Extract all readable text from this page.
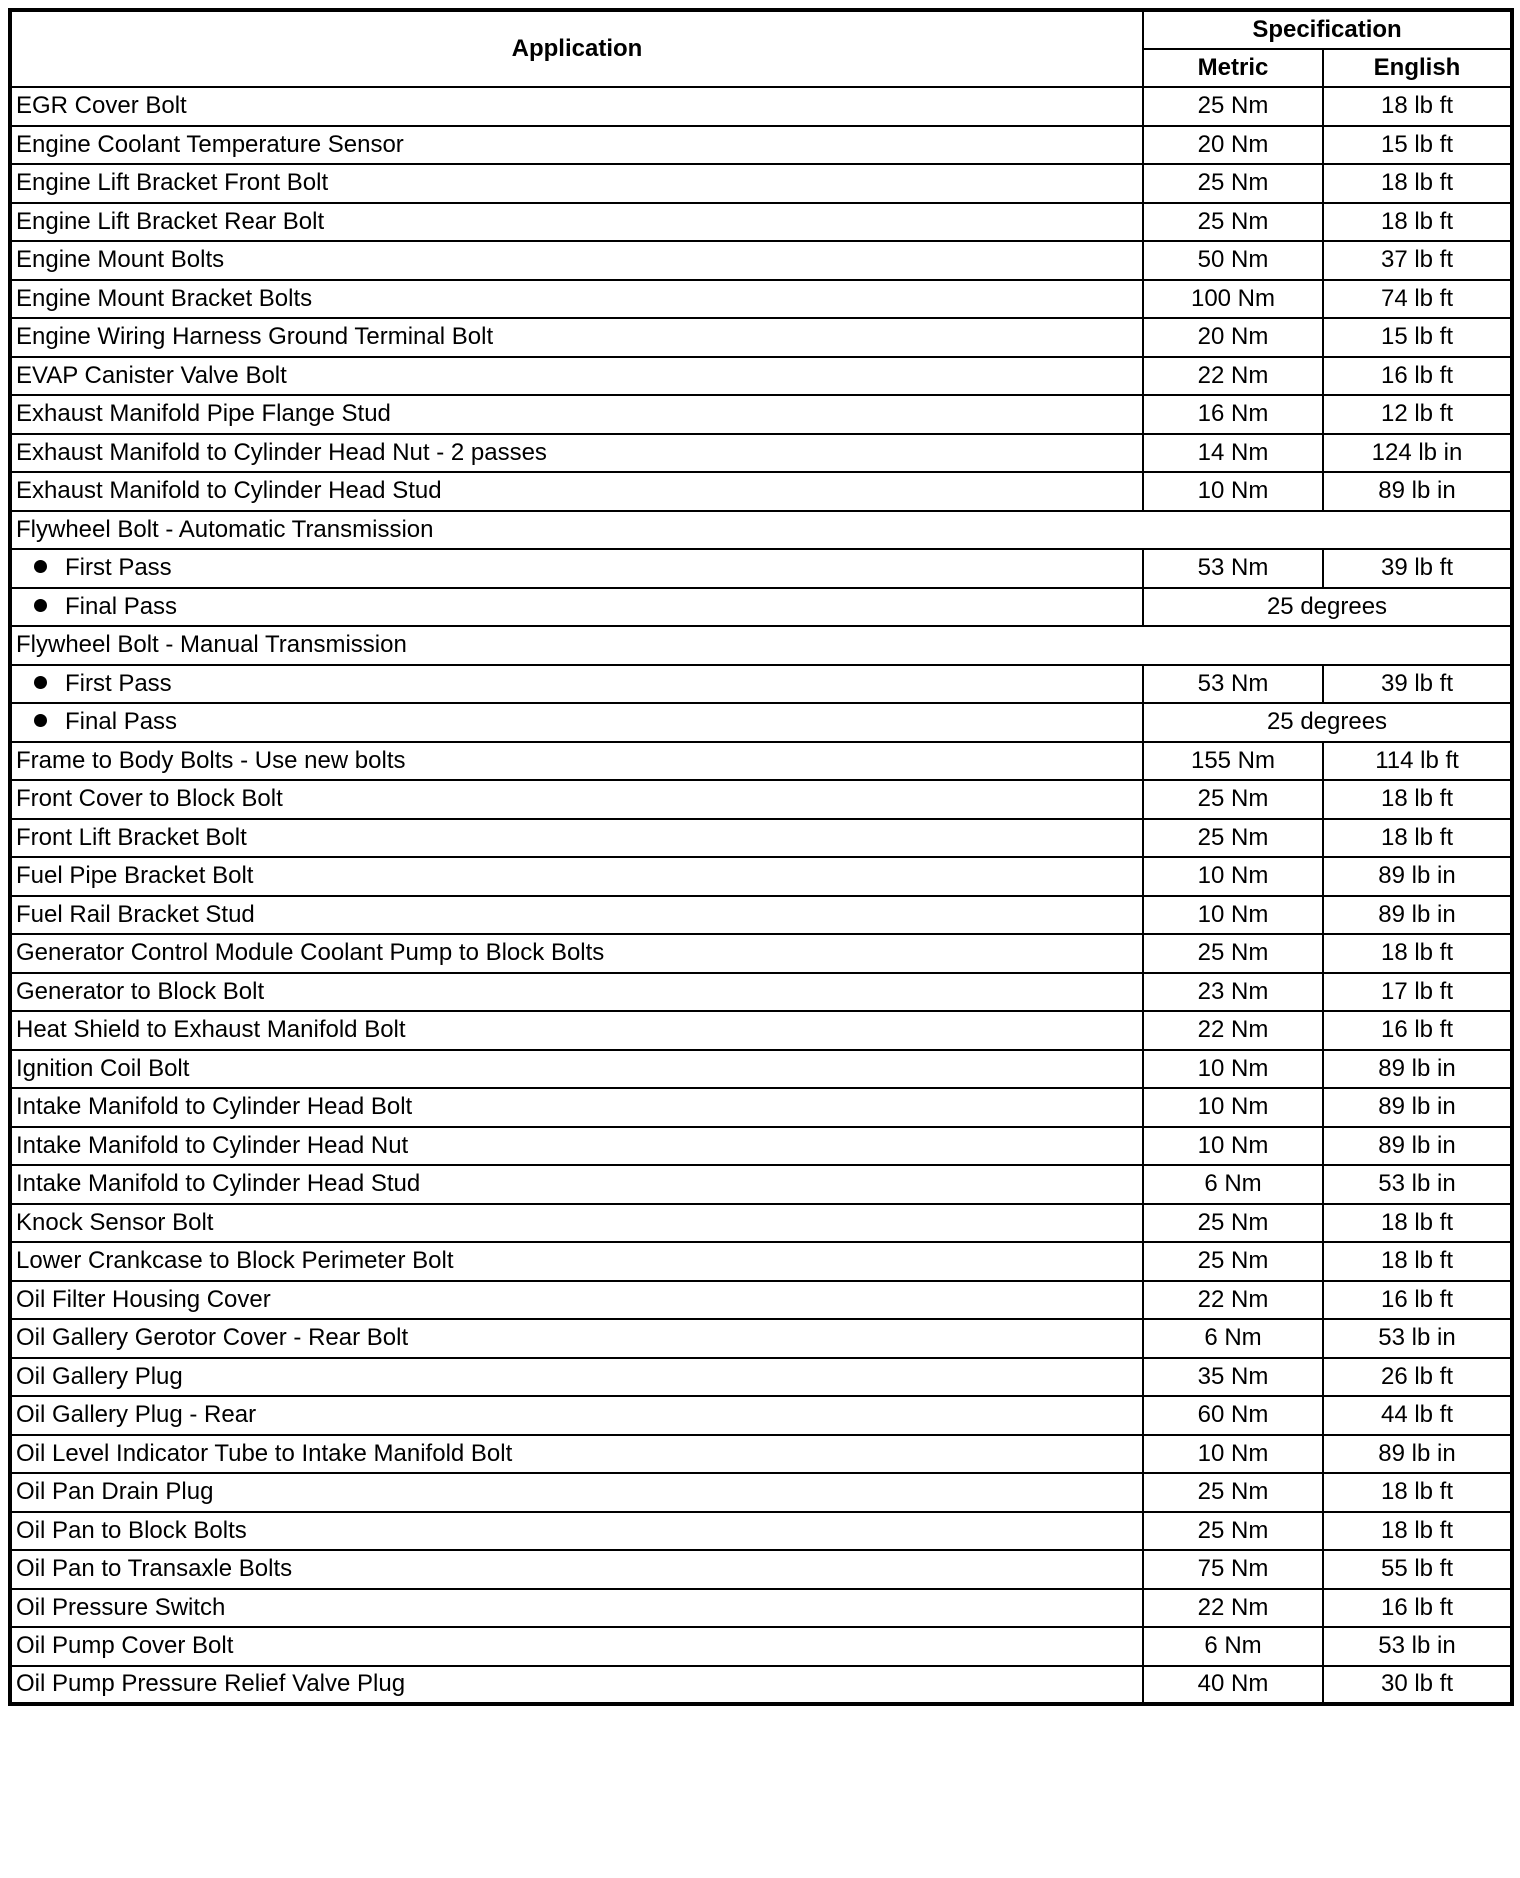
Application	Specification	
	Metric	English
EGR Cover Bolt	25 Nm	18 lb ft
Engine Coolant Temperature Sensor	20 Nm	15 lb ft
Engine Lift Bracket Front Bolt	25 Nm	18 lb ft
Engine Lift Bracket Rear Bolt	25 Nm	18 lb ft
Engine Mount Bolts	50 Nm	37 lb ft
Engine Mount Bracket Bolts	100 Nm	74 lb ft
Engine Wiring Harness Ground Terminal Bolt	20 Nm	15 lb ft
EVAP Canister Valve Bolt	22 Nm	16 lb ft
Exhaust Manifold Pipe Flange Stud	16 Nm	12 lb ft
Exhaust Manifold to Cylinder Head Nut - 2 passes	14 Nm	124 lb in
Exhaust Manifold to Cylinder Head Stud	10 Nm	89 lb in
Flywheel Bolt - Automatic Transmission		
First Pass	53 Nm	39 lb ft
Final Pass	25 degrees	
Flywheel Bolt - Manual Transmission		
First Pass	53 Nm	39 lb ft
Final Pass	25 degrees	
Frame to Body Bolts - Use new bolts	155 Nm	114 lb ft
Front Cover to Block Bolt	25 Nm	18 lb ft
Front Lift Bracket Bolt	25 Nm	18 lb ft
Fuel Pipe Bracket Bolt	10 Nm	89 lb in
Fuel Rail Bracket Stud	10 Nm	89 lb in
Generator Control Module Coolant Pump to Block Bolts	25 Nm	18 lb ft
Generator to Block Bolt	23 Nm	17 lb ft
Heat Shield to Exhaust Manifold Bolt	22 Nm	16 lb ft
Ignition Coil Bolt	10 Nm	89 lb in
Intake Manifold to Cylinder Head Bolt	10 Nm	89 lb in
Intake Manifold to Cylinder Head Nut	10 Nm	89 lb in
Intake Manifold to Cylinder Head Stud	6 Nm	53 lb in
Knock Sensor Bolt	25 Nm	18 lb ft
Lower Crankcase to Block Perimeter Bolt	25 Nm	18 lb ft
Oil Filter Housing Cover	22 Nm	16 lb ft
Oil Gallery Gerotor Cover - Rear Bolt	6 Nm	53 lb in
Oil Gallery Plug	35 Nm	26 lb ft
Oil Gallery Plug - Rear	60 Nm	44 lb ft
Oil Level Indicator Tube to Intake Manifold Bolt	10 Nm	89 lb in
Oil Pan Drain Plug	25 Nm	18 lb ft
Oil Pan to Block Bolts	25 Nm	18 lb ft
Oil Pan to Transaxle Bolts	75 Nm	55 lb ft
Oil Pressure Switch	22 Nm	16 lb ft
Oil Pump Cover Bolt	6 Nm	53 lb in
Oil Pump Pressure Relief Valve Plug	40 Nm	30 lb ft
